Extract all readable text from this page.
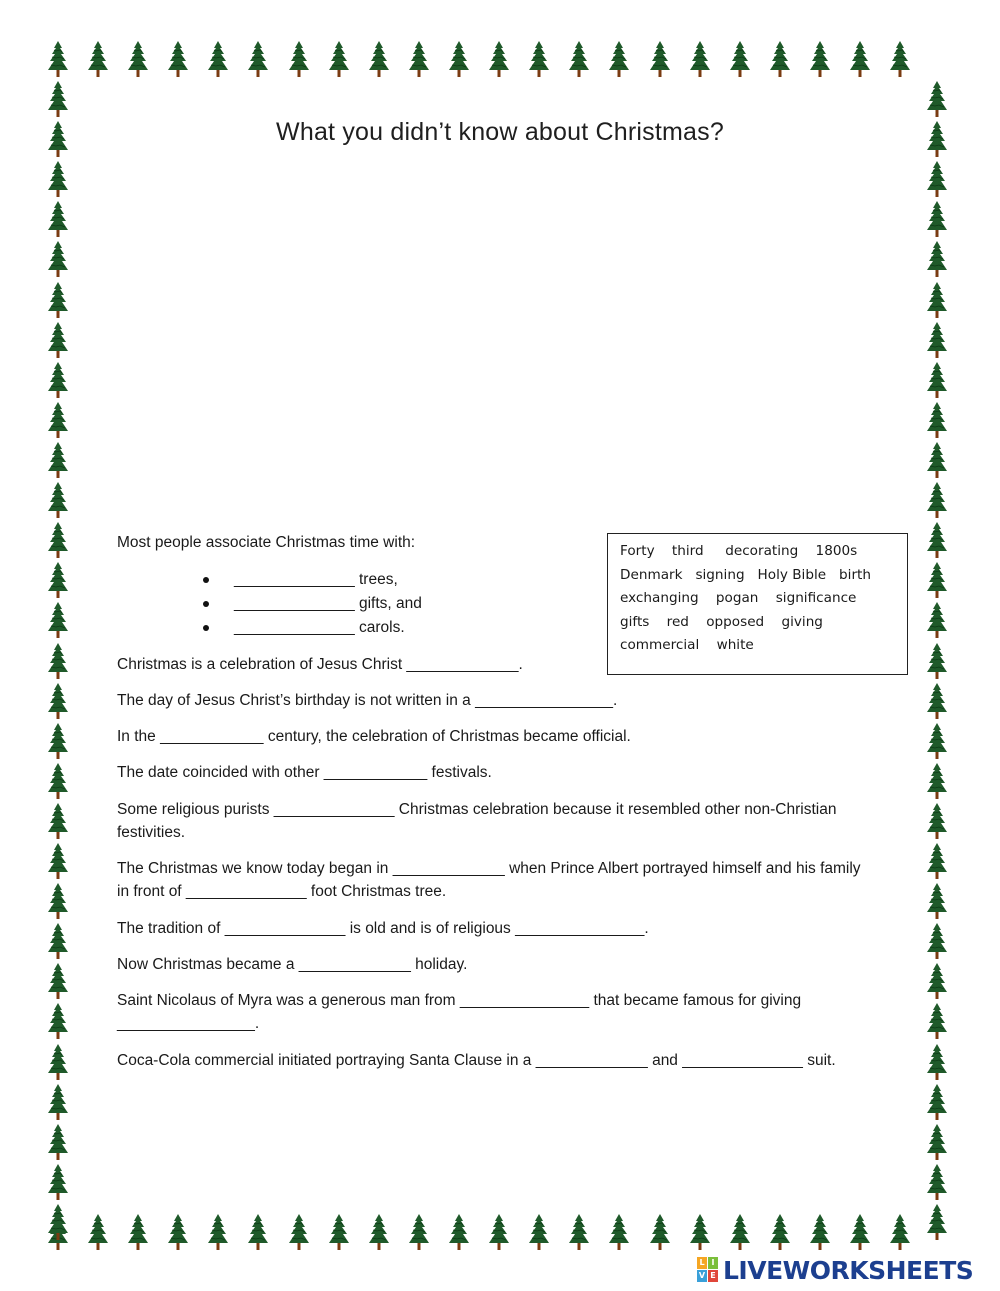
What you didn’t know about Christmas?
Most people associate Christmas time with:
______________ trees,
______________ gifts, and
______________ carols.
Christmas is a celebration of Jesus Christ _____________.
The day of Jesus Christ’s birthday is not written in a ________________.
In the ____________ century, the celebration of Christmas became official.
The date coincided with other ____________ festivals.
Some religious purists ______________ Christmas celebration because it resembled other non-Christian festivities.
The Christmas we know today began in _____________ when Prince Albert portrayed himself and his family in front of ______________ foot Christmas tree.
The tradition of ______________ is old and is of religious _______________.
Now Christmas became a _____________ holiday.
Saint Nicolaus of Myra was a generous man from _______________ that became famous for giving ________________.
Coca-Cola commercial initiated portraying Santa Clause in a _____________ and ______________ suit.
Forty    third     decorating    1800s
Denmark   signing   Holy Bible   birth
exchanging    pogan    significance
gifts    red    opposed    giving
commercial    white
L I
V E LIVEWORKSHEETS
